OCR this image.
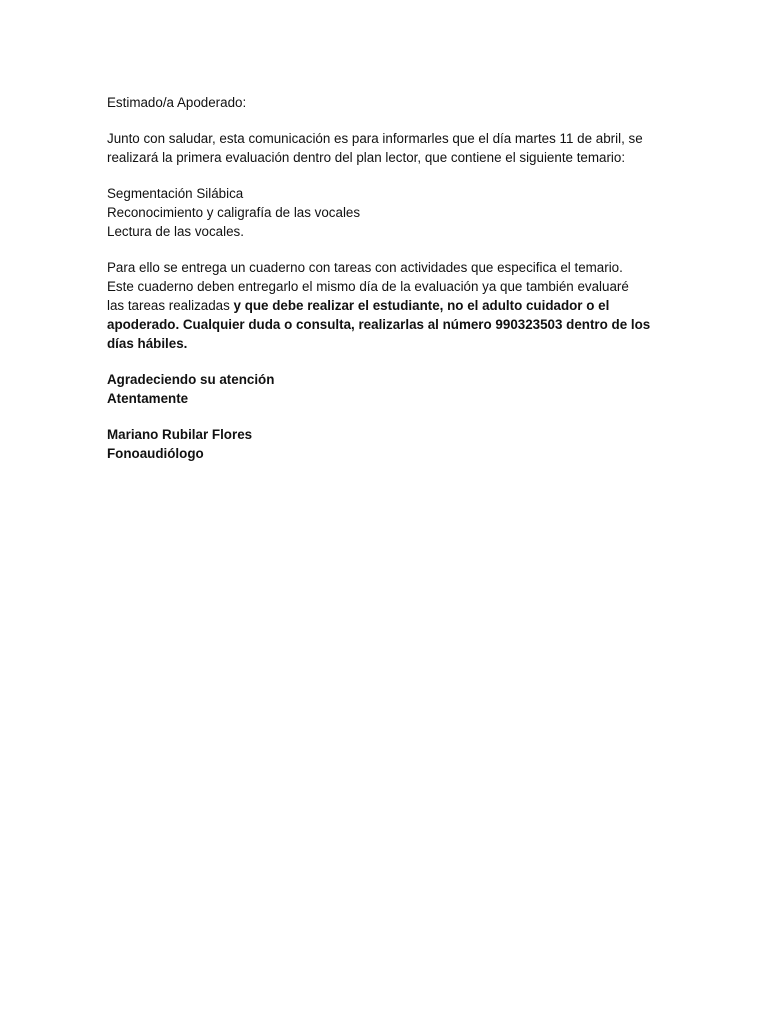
Estimado/a Apoderado:

Junto con saludar, esta comunicación es para informarles que el día martes 11 de abril, se
realizará la primera evaluación dentro del plan lector, que contiene el siguiente temario:

Segmentación Silábica
Reconocimiento y caligrafía de las vocales
Lectura de las vocales.

Para ello se entrega un cuaderno con tareas con actividades que especifica el temario.
Este cuaderno deben entregarlo el mismo día de la evaluación ya que también evaluaré
las tareas realizadas y que debe realizar el estudiante, no el adulto cuidador o el
apoderado. Cualquier duda o consulta, realizarlas al número 990323503 dentro de los
días hábiles.

Agradeciendo su atención
Atentamente

Mariano Rubilar Flores
Fonoaudiólogo
